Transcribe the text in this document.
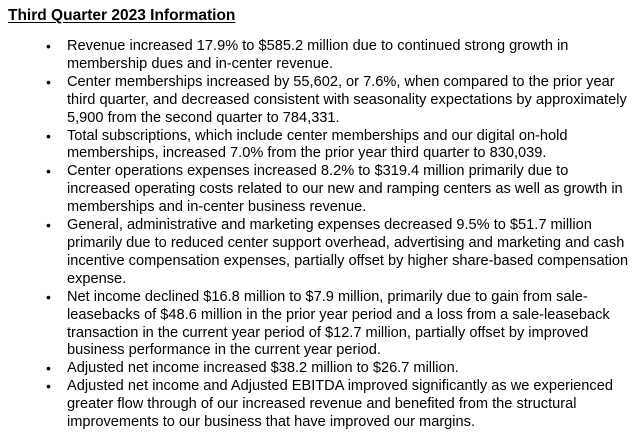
Third Quarter 2023 Information
• Revenue increased 17.9% to $585.2 million due to continued strong growth in membership dues and in-center revenue.
• Center memberships increased by 55,602, or 7.6%, when compared to the prior year third quarter, and decreased consistent with seasonality expectations by approximately 5,900 from the second quarter to 784,331.
• Total subscriptions, which include center memberships and our digital on-hold memberships, increased 7.0% from the prior year third quarter to 830,039.
• Center operations expenses increased 8.2% to $319.4 million primarily due to increased operating costs related to our new and ramping centers as well as growth in memberships and in-center business revenue.
• General, administrative and marketing expenses decreased 9.5% to $51.7 million primarily due to reduced center support overhead, advertising and marketing and cash incentive compensation expenses, partially offset by higher share-based compensation expense.
• Net income declined $16.8 million to $7.9 million, primarily due to gain from sale-leasebacks of $48.6 million in the prior year period and a loss from a sale-leaseback transaction in the current year period of $12.7 million, partially offset by improved business performance in the current year period.
• Adjusted net income increased $38.2 million to $26.7 million.
• Adjusted net income and Adjusted EBITDA improved significantly as we experienced greater flow through of our increased revenue and benefited from the structural improvements to our business that have improved our margins.
